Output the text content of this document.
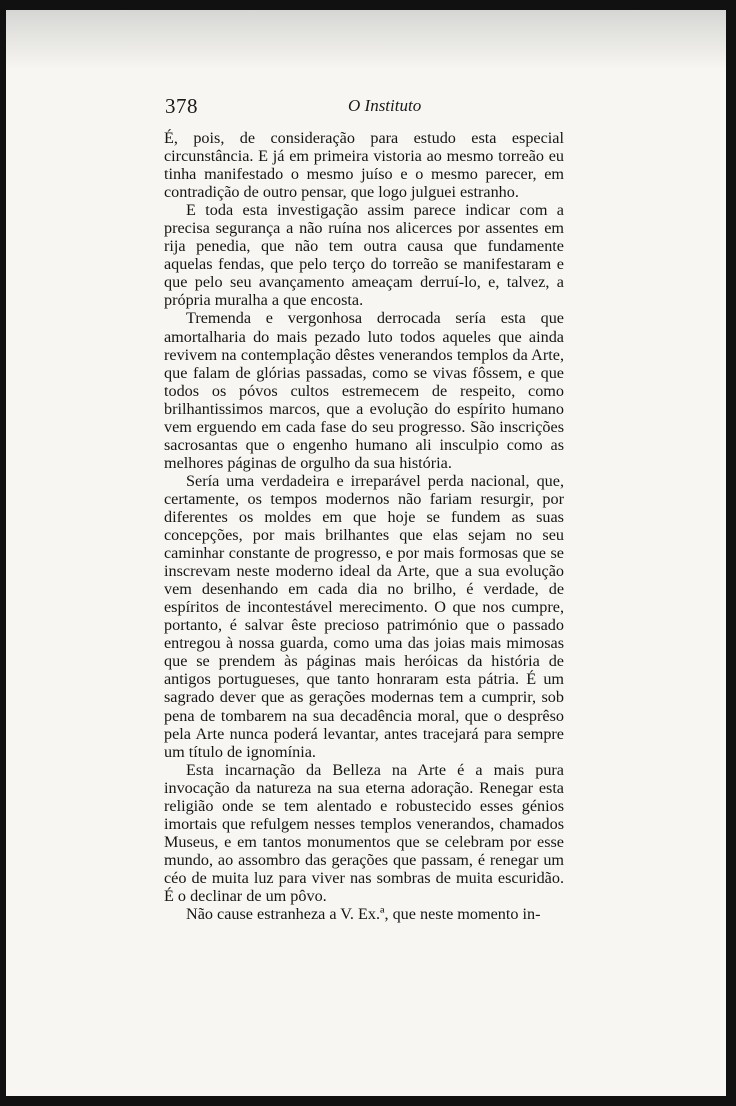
378	O Instituto

É, pois, de consideração para estudo esta especial circunstância. E já em primeira vistoria ao mesmo torreão eu tinha manifestado o mesmo juíso e o mesmo parecer, em contradição de outro pensar, que logo julguei estranho.

E toda esta investigação assim parece indicar com a precisa segurança a não ruína nos alicerces por assentes em rija penedia, que não tem outra causa que fundamente aquelas fendas, que pelo terço do torreão se manifestaram e que pelo seu avançamento ameaçam derruí-lo, e, talvez, a própria muralha a que encosta.

Tremenda e vergonhosa derrocada sería esta que amortalharia do mais pezado luto todos aqueles que ainda revivem na contemplação dêstes venerandos templos da Arte, que falam de glórias passadas, como se vivas fôssem, e que todos os póvos cultos estremecem de respeito, como brilhantissimos marcos, que a evolução do espírito humano vem erguendo em cada fase do seu progresso. São inscrições sacrosantas que o engenho humano ali insculpio como as melhores páginas de orgulho da sua história.

Sería uma verdadeira e irreparável perda nacional, que, certamente, os tempos modernos não fariam resurgir, por diferentes os moldes em que hoje se fundem as suas concepções, por mais brilhantes que elas sejam no seu caminhar constante de progresso, e por mais formosas que se inscrevam neste moderno ideal da Arte, que a sua evolução vem desenhando em cada dia no brilho, é verdade, de espíritos de incontestável merecimento. O que nos cumpre, portanto, é salvar êste precioso património que o passado entregou à nossa guarda, como uma das joias mais mimosas que se prendem às páginas mais heróicas da história de antigos portugueses, que tanto honraram esta pátria. É um sagrado dever que as gerações modernas tem a cumprir, sob pena de tombarem na sua decadência moral, que o desprêso pela Arte nunca poderá levantar, antes tracejará para sempre um título de ignomínia.

Esta incarnação da Belleza na Arte é a mais pura invocação da natureza na sua eterna adoração. Renegar esta religião onde se tem alentado e robustecido esses génios imortais que refulgem nesses templos venerandos, chamados Museus, e em tantos monumentos que se celebram por esse mundo, ao assombro das gerações que passam, é renegar um céo de muita luz para viver nas sombras de muita escuridão. É o declinar de um pôvo.

Não cause estranheza a V. Ex.ª, que neste momento in-
